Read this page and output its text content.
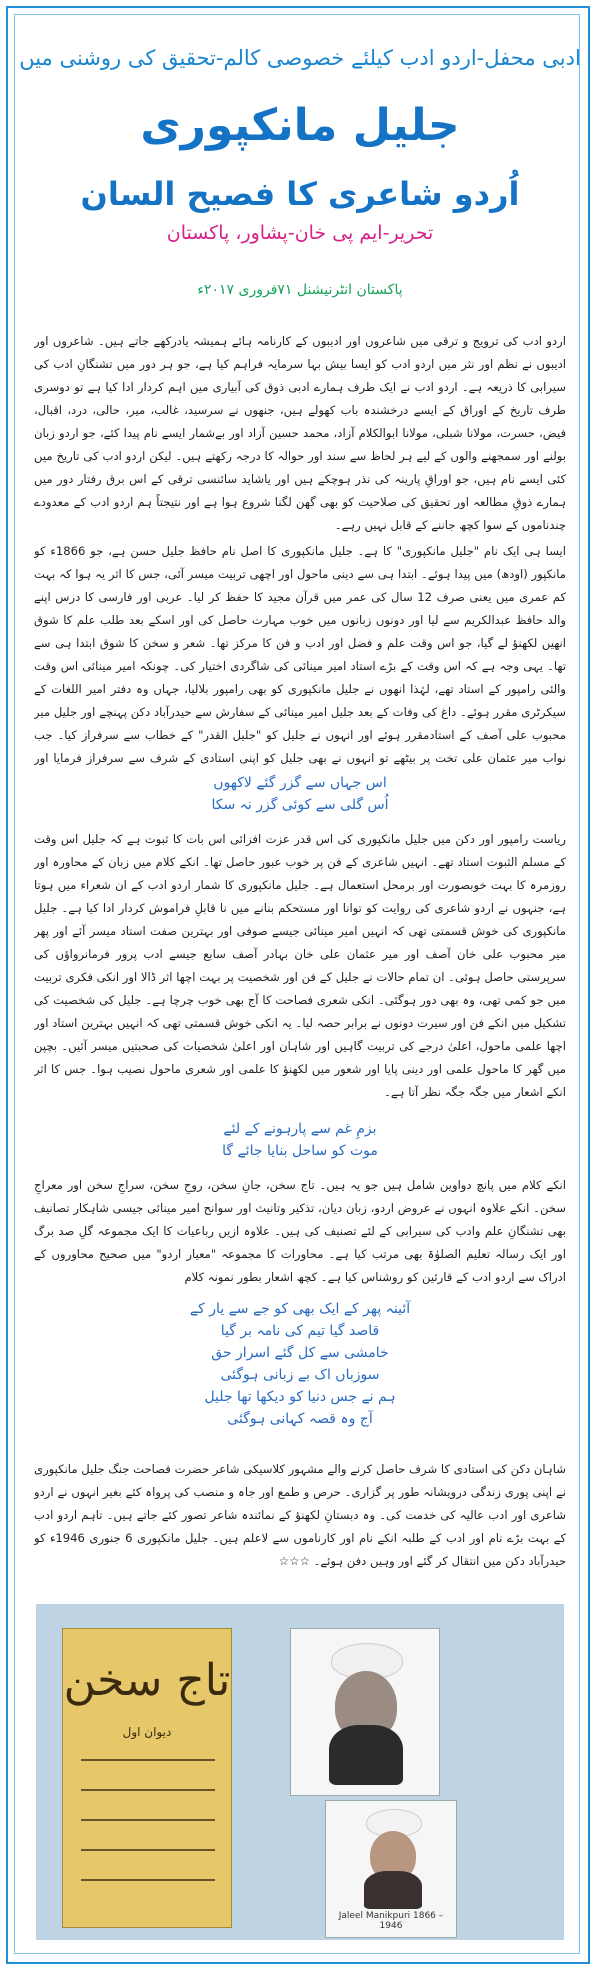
ادبی محفل-اردو ادب کیلئے خصوصی کالم-تحقیق کی روشنی میں
جلیل مانکپوری
اُردو شاعری کا فصیح السان
تحریر-ایم پی خان-پشاور، پاکستان
پاکستان انٹرنیشنل ۷۱فروری ۲۰۱۷ء
اردو ادب کی ترویج و ترقی میں شاعروں اور ادیبوں کے کارنامہ ہائے ہمیشہ یادرکھے جاتے ہیں۔ شاعروں اور ادیبوں نے نظم اور نثر میں اردو ادب کو ایسا بیش بہا سرمایہ فراہم کیا ہے، جو ہر دور میں تشنگانِ ادب کی سیرابی کا ذریعہ ہے۔ اردو ادب نے ایک طرف ہمارے ادبی ذوق کی آبیاری میں اہم کردار ادا کیا ہے تو دوسری طرف تاریخ کے اوراق کے ایسے درخشندہ باب کھولے ہیں، جنھوں نے سرسید، غالب، میر، حالی، درد، اقبال، فیض، حسرت، مولانا شبلی، مولانا ابوالکلام آزاد، محمد حسین آزاد اور بےشمار ایسے نام پیدا کئے، جو اردو زبان بولنے اور سمجھنے والوں کے لیے ہر لحاظ سے سند اور حوالہ کا درجہ رکھتے ہیں۔ لیکن اردو ادب کی تاریخ میں کئی ایسے نام ہیں، جو اوراقِ پارینہ کی نذر ہوچکے ہیں اور یاشاید سائنسی ترقی کے اس برق رفتار دور میں ہمارے ذوقِ مطالعہ اور تحقیق کی صلاحیت کو بھی گھن لگنا شروع ہوا ہے اور نتیجتاً ہم اردو ادب کے معدودے چندناموں کے سوا کچھ جاننے کے قابل نہیں رہے۔
ایسا ہی ایک نام "جلیل مانکپوری" کا ہے۔ جلیل مانکپوری کا اصل نام حافظ جلیل حسن ہے، جو 1866ء کو مانکپور (اودھ) میں پیدا ہوئے۔ ابتدا ہی سے دینی ماحول اور اچھی تربیت میسر آئی، جس کا اثر یہ ہوا کہ بہت کم عمری میں یعنی صرف 12 سال کی عمر میں قرآن مجید کا حفظ کر لیا۔ عربی اور فارسی کا درس اپنے والد حافظ عبدالکریم سے لیا اور دونوں زبانوں میں خوب مہارت حاصل کی اور اسکے بعد طلب علم کا شوق انھیں لکھنؤ لے گیا، جو اس وقت علم و فضل اور ادب و فن کا مرکز تھا۔ شعر و سخن کا شوق ابتدا ہی سے تھا۔ یہی وجہ ہے کہ اس وقت کے بڑے استاد امیر مینائی کی شاگردی اختیار کی۔ چونکہ امیر مینائی اس وقت والئی رامپور کے استاد تھے، لہٰذا انھوں نے جلیل مانکپوری کو بھی رامپور بلالیا، جہاں وہ دفتر امیر اللغات کے سیکرٹری مقرر ہوئے۔ داغ کی وفات کے بعد جلیل امیر مینائی کے سفارش سے حیدرآباد دکن پہنچے اور جلیل میر محبوب علی آصف کے استادمقرر ہوئے اور انہوں نے جلیل کو "جلیل القدر" کے خطاب سے سرفراز کیا۔ جب نواب میر عثمان علی تخت پر بیٹھے تو انہوں نے بھی جلیل کو اپنی استادی کے شرف سے سرفراز فرمایا اور
اس جہاں سے گزر گئے لاکھوں
اُس گلی سے کوئی گزر نہ سکا
ریاست رامپور اور دکن میں جلیل مانکپوری کی اس قدر عزت افزائی اس بات کا ثبوت ہے کہ جلیل اس وقت کے مسلم الثبوت استاد تھے۔ انہیں شاعری کے فن پر خوب عبور حاصل تھا۔ انکے کلام میں زبان کے محاورہ اور روزمرہ کا بہت خوبصورت اور برمحل استعمال ہے۔ جلیل مانکپوری کا شمار اردو ادب کے ان شعراء میں ہوتا ہے، جنہوں نے اردو شاعری کی روایت کو توانا اور مستحکم بنانے میں نا قابلِ فراموش کردار ادا کیا ہے۔ جلیل مانکپوری کی خوش قسمتی تھی کہ انہیں امیر مینائی جیسے صوفی اور بہترین صفت استاد میسر آئے اور پھر میر محبوب علی خان آصف اور میر عثمان علی خان بہادر آصف سابع جیسے ادب پرور فرمانرواؤں کی سرپرستی حاصل ہوئی۔ ان تمام حالات نے جلیل کے فن اور شخصیت پر بہت اچھا اثر ڈالا اور انکی فکری تربیت میں جو کمی تھی، وہ بھی دور ہوگئی۔ انکی شعری فصاحت کا آج بھی خوب چرچا ہے۔ جلیل کی شخصیت کی تشکیل میں انکے فن اور سیرت دونوں نے برابر حصہ لیا۔ یہ انکی خوش قسمتی تھی کہ انہیں بہترین استاد اور اچھا علمی ماحول، اعلیٰ درجے کی تربیت گاہیں اور شاہان اور اعلیٰ شخصیات کی صحبتیں میسر آئیں۔ بچپن میں گھر کا ماحول علمی اور دینی پایا اور شعور میں لکھنؤ کا علمی اور شعری ماحول نصیب ہوا۔ جس کا اثر انکے اشعار میں جگہ جگہ نظر آتا ہے۔
بزمِ غم سے پارہونے کے لئے
موت کو ساحل بنایا جائے گا
انکے کلام میں پانچ دواوین شامل ہیں جو یہ ہیں۔ تاج سخن، جانِ سخن، روحِ سخن، سراجِ سخن اور معراجِ سخن۔ انکے علاوہ انہوں نے عروض اردو، زبان دیان، تذکیر وتانیث اور سوانح امیر مینائی جیسی شاہکار تصانیف بھی تشنگانِ علم وادب کی سیرابی کے لئے تصنیف کی ہیں۔ علاوہ ازیں رباعیات کا ایک مجموعہ گلِ صد برگ اور ایک رسالہ تعلیم الصلوٰۃ بھی مرتب کیا ہے۔ محاورات کا مجموعہ "معیار اردو" میں صحیح محاوروں کے ادراک سے اردو ادب کے قارئین کو روشناس کیا ہے۔ کچھ اشعار بطور نمونہ کلام
آئینہ پھر کے ایک بھی کو جے سے یار کے
قاصد گیا تیم کی نامہ بر گیا
خامشی سے کل گئے اسرار حق
سوزباں اک بے زبانی ہوگئی
ہم نے جس دنیا کو دیکھا تھا جلیل
آج وہ قصہ کہانی ہوگئی
شاہان دکن کی استادی کا شرف حاصل کرنے والے مشہور کلاسیکی شاعر حضرت فصاحت جنگ جلیل مانکپوری نے اپنی پوری زندگی درویشانہ طور پر گزاری۔ حرص و طمع اور جاہ و منصب کی پرواہ کئے بغیر انہوں نے اردو شاعری اور ادب عالیہ کی خدمت کی۔ وہ دبستانِ لکھنؤ کے نمائندہ شاعر تصور کئے جاتے ہیں۔ تاہم اردو ادب کے بہت بڑے نام اور ادب کے طلبہ انکے نام اور کارناموں سے لاعلم ہیں۔ جلیل مانکپوری 6 جنوری 1946ء کو حیدرآباد دکن میں انتقال کر گئے اور وہیں دفن ہوئے۔ ☆☆☆
تاج سخن
دیوان اول
Jaleel Manikpuri 1866 – 1946
